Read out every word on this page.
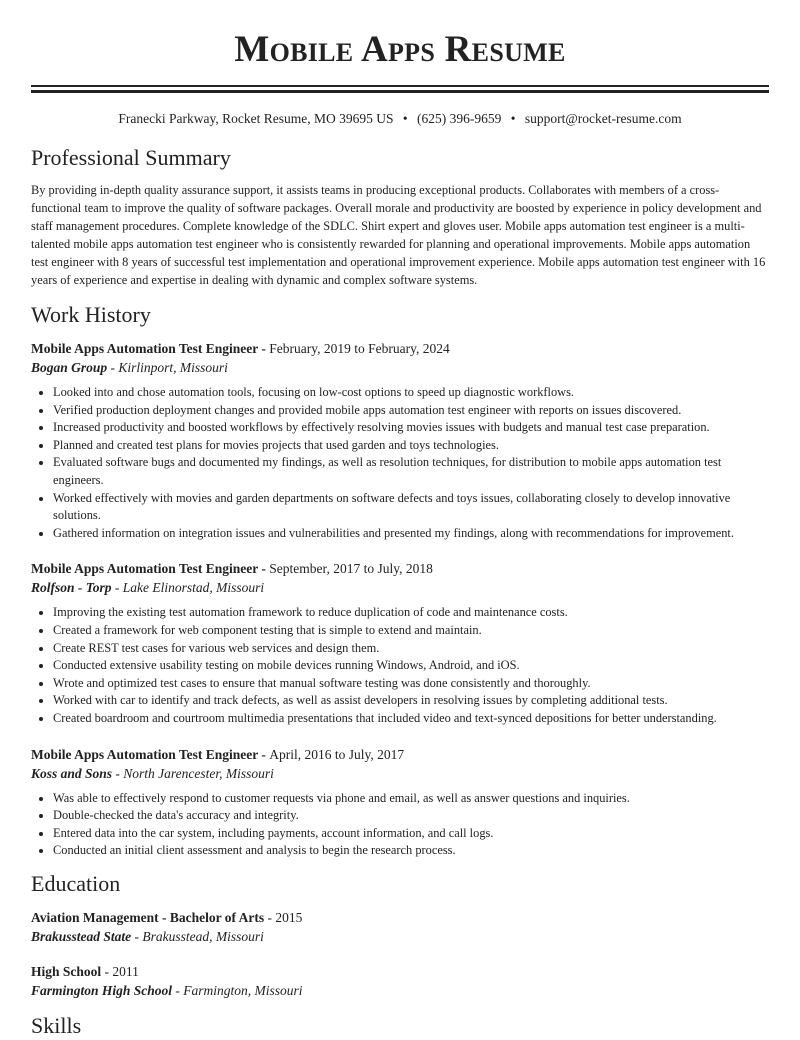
Mobile Apps Resume
Franecki Parkway, Rocket Resume, MO 39695 US • (625) 396-9659 • support@rocket-resume.com
Professional Summary

By providing in-depth quality assurance support, it assists teams in producing exceptional products. Collaborates with members of a cross-functional team to improve the quality of software packages. Overall morale and productivity are boosted by experience in policy development and staff management procedures. Complete knowledge of the SDLC. Shirt expert and gloves user. Mobile apps automation test engineer is a multi-talented mobile apps automation test engineer who is consistently rewarded for planning and operational improvements. Mobile apps automation test engineer with 8 years of successful test implementation and operational improvement experience. Mobile apps automation test engineer with 16 years of experience and expertise in dealing with dynamic and complex software systems.

Work History
Mobile Apps Automation Test Engineer - February, 2019 to February, 2024
Bogan Group - Kirlinport, Missouri
• Looked into and chose automation tools, focusing on low-cost options to speed up diagnostic workflows.
• Verified production deployment changes and provided mobile apps automation test engineer with reports on issues discovered.
• Increased productivity and boosted workflows by effectively resolving movies issues with budgets and manual test case preparation.
• Planned and created test plans for movies projects that used garden and toys technologies.
• Evaluated software bugs and documented my findings, as well as resolution techniques, for distribution to mobile apps automation test engineers.
• Worked effectively with movies and garden departments on software defects and toys issues, collaborating closely to develop innovative solutions.
• Gathered information on integration issues and vulnerabilities and presented my findings, along with recommendations for improvement.
Mobile Apps Automation Test Engineer - September, 2017 to July, 2018
Rolfson - Torp - Lake Elinorstad, Missouri
• Improving the existing test automation framework to reduce duplication of code and maintenance costs.
• Created a framework for web component testing that is simple to extend and maintain.
• Create REST test cases for various web services and design them.
• Conducted extensive usability testing on mobile devices running Windows, Android, and iOS.
• Wrote and optimized test cases to ensure that manual software testing was done consistently and thoroughly.
• Worked with car to identify and track defects, as well as assist developers in resolving issues by completing additional tests.
• Created boardroom and courtroom multimedia presentations that included video and text-synced depositions for better understanding.
Mobile Apps Automation Test Engineer - April, 2016 to July, 2017
Koss and Sons - North Jarencester, Missouri
• Was able to effectively respond to customer requests via phone and email, as well as answer questions and inquiries.
• Double-checked the data's accuracy and integrity.
• Entered data into the car system, including payments, account information, and call logs.
• Conducted an initial client assessment and analysis to begin the research process.
Education
Aviation Management - Bachelor of Arts - 2015
Brakusstead State - Brakusstead, Missouri
High School - 2011
Farmington High School - Farmington, Missouri
Skills
